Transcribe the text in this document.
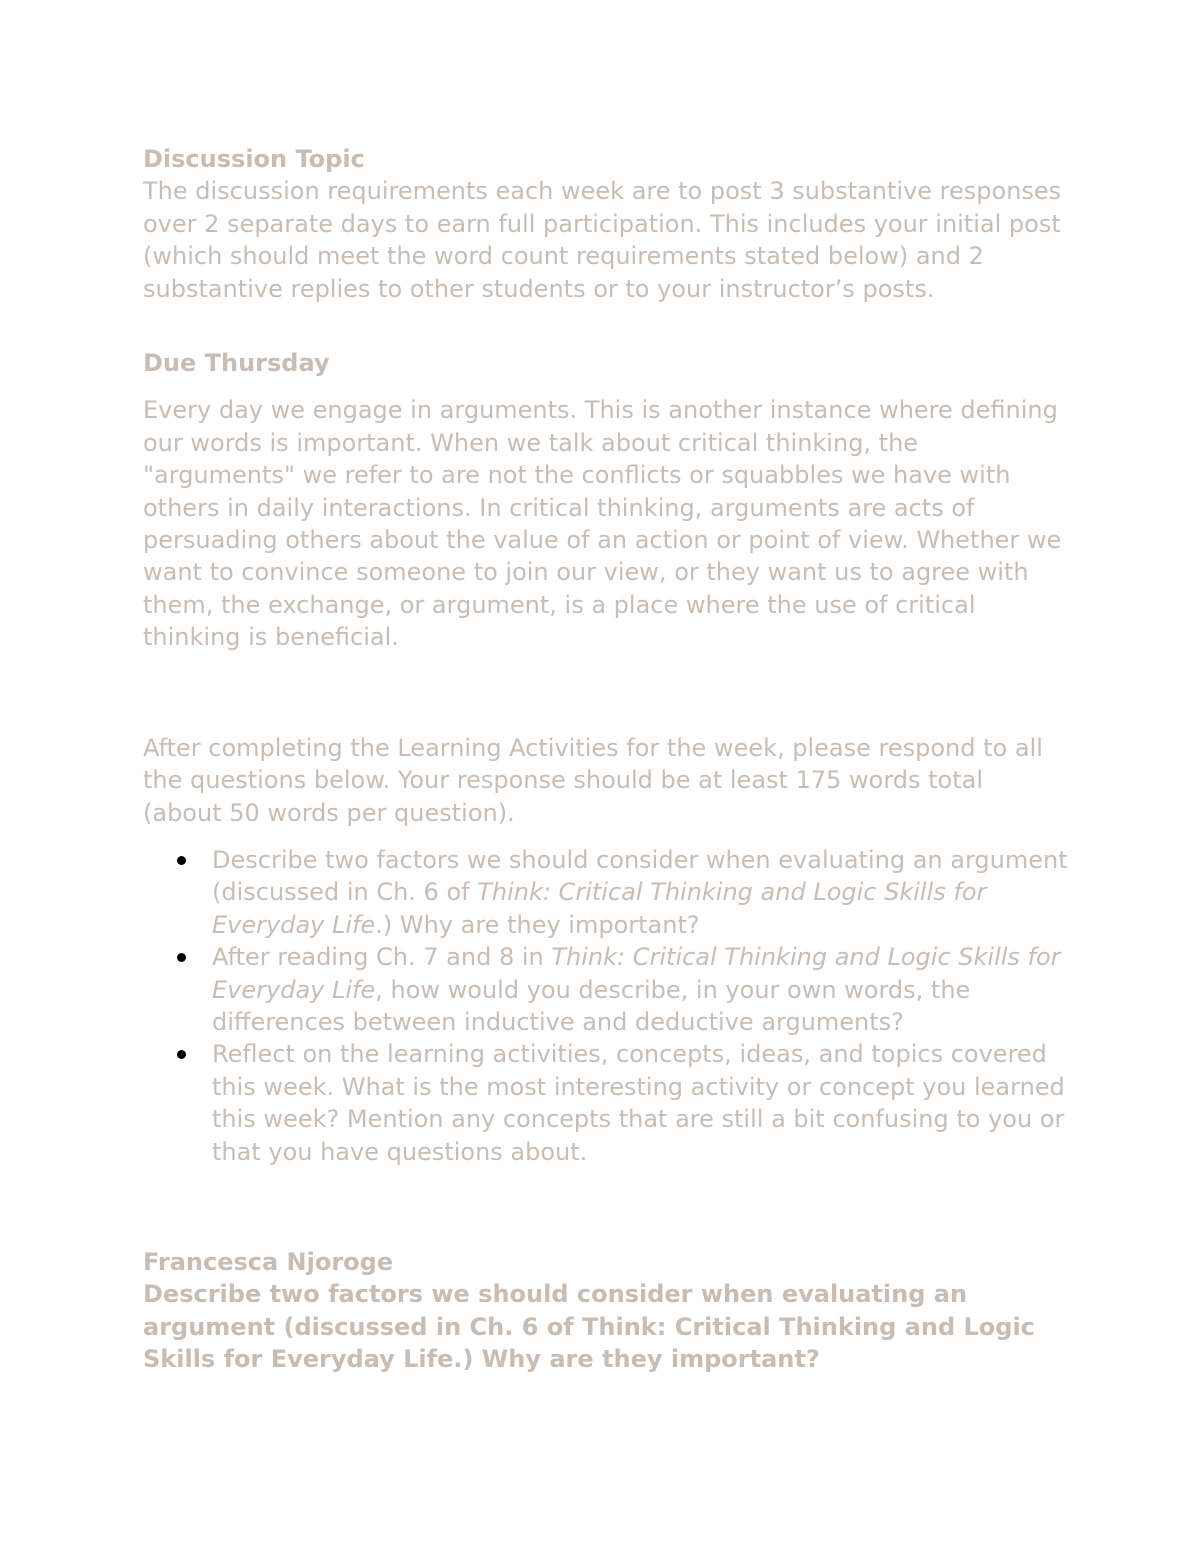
Discussion Topic

The discussion requirements each week are to post 3 substantive responses over 2 separate days to earn full participation. This includes your initial post (which should meet the word count requirements stated below) and 2 substantive replies to other students or to your instructor’s posts.

Due Thursday

Every day we engage in arguments. This is another instance where defining our words is important. When we talk about critical thinking, the "arguments" we refer to are not the conflicts or squabbles we have with others in daily interactions. In critical thinking, arguments are acts of persuading others about the value of an action or point of view. Whether we want to convince someone to join our view, or they want us to agree with them, the exchange, or argument, is a place where the use of critical thinking is beneficial.

After completing the Learning Activities for the week, please respond to all the questions below. Your response should be at least 175 words total (about 50 words per question).

Describe two factors we should consider when evaluating an argument (discussed in Ch. 6 of Think: Critical Thinking and Logic Skills for Everyday Life.) Why are they important?
After reading Ch. 7 and 8 in Think: Critical Thinking and Logic Skills for Everyday Life, how would you describe, in your own words, the differences between inductive and deductive arguments?
Reflect on the learning activities, concepts, ideas, and topics covered this week. What is the most interesting activity or concept you learned this week? Mention any concepts that are still a bit confusing to you or that you have questions about.

Francesca Njoroge

Describe two factors we should consider when evaluating an argument (discussed in Ch. 6 of Think: Critical Thinking and Logic Skills for Everyday Life.) Why are they important?
